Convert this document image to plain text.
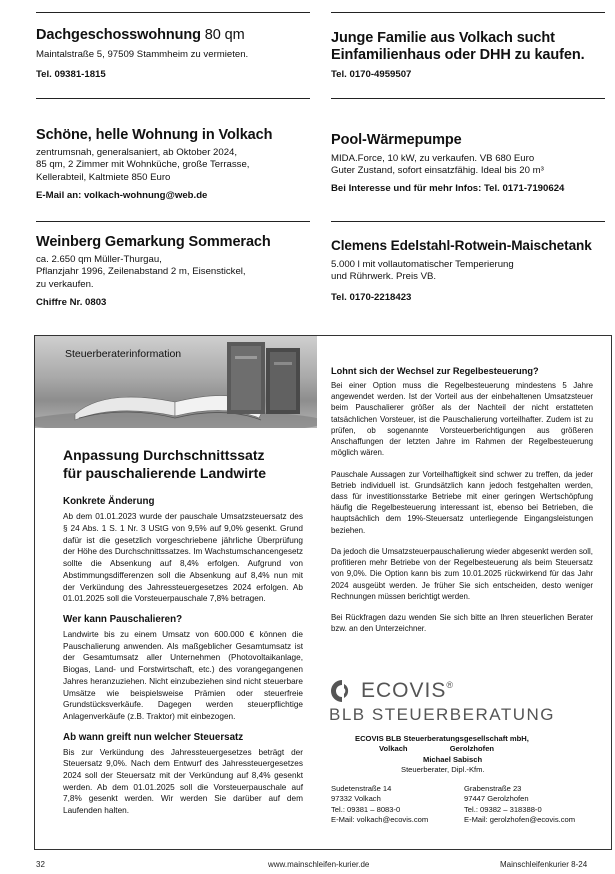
Dachgeschosswohnung 80 qm

Maintalstraße 5, 97509 Stammheim zu vermieten.

Tel. 09381-1815
Junge Familie aus Volkach sucht Einfamilienhaus oder DHH zu kaufen.
Tel. 0170-4959507
Schöne, helle Wohnung in Volkach

zentrumsnah, generalsaniert, ab Oktober 2024,
85 qm, 2 Zimmer mit Wohnküche, große Terrasse,
Kellerabteil, Kaltmiete 850 Euro

E-Mail an: volkach-wohnung@web.de
Pool-Wärmepumpe

MIDA.Force, 10 kW, zu verkaufen. VB 680 Euro
Guter Zustand, sofort einsatzfähig. Ideal bis 20 m³

Bei Interesse und für mehr Infos: Tel. 0171-7190624
Weinberg Gemarkung Sommerach

ca. 2.650 qm Müller-Thurgau,
Pflanzjahr 1996, Zeilenabstand 2 m, Eisenstickel,
zu verkaufen.

Chiffre Nr. 0803
Clemens Edelstahl-Rotwein-Maischetank

5.000 l mit vollautomatischer Temperierung
und Rührwerk. Preis VB.

Tel. 0170-2218423
Steuerberaterinformation
Anpassung Durchschnittssatz
für pauschalierende Landwirte
Konkrete Änderung

Ab dem 01.01.2023 wurde der pauschale Umsatzsteuersatz des § 24 Abs. 1 S. 1 Nr. 3 UStG von 9,5% auf 9,0% gesenkt. Grund dafür ist die gesetzlich vorgeschriebene jährliche Überprüfung der Höhe des Durchschnittssatzes. Im Wachstumschancengesetz sollte die Absenkung auf 8,4% erfolgen. Aufgrund von Abstimmungsdifferenzen soll die Absenkung auf 8,4% nun mit der Verkündung des Jahressteuergesetzes 2024 erfolgen. Ab 01.01.2025 soll die Vorsteuerpauschale 7,8% betragen.

Wer kann Pauschalieren?

Landwirte bis zu einem Umsatz von 600.000 € können die Pauschalierung anwenden. Als maßgeblicher Gesamtumsatz ist der Gesamtumsatz aller Unternehmen (Photovoltaikanlage, Biogas, Land- und Forstwirtschaft, etc.) des vorangegangenen Jahres heranzuziehen. Nicht einzubeziehen sind nicht steuerbare Umsätze wie beispielsweise Prämien oder steuerfreie Grundstücksverkäufe. Dagegen werden steuerpflichtige Anlagenverkäufe (z.B. Traktor) mit einbezogen.

Ab wann greift nun welcher Steuersatz

Bis zur Verkündung des Jahressteuergesetzes beträgt der Steuersatz 9,0%. Nach dem Entwurf des Jahressteuergesetzes 2024 soll der Steuersatz mit der Verkündung auf 8,4% gesenkt werden. Ab dem 01.01.2025 soll die Vorsteuerpauschale auf 7,8% gesenkt werden. Wir werden Sie darüber auf dem Laufenden halten.

Lohnt sich der Wechsel zur Regelbesteuerung?

Bei einer Option muss die Regelbesteuerung mindestens 5 Jahre angewendet werden. Ist der Vorteil aus der einbehaltenen Umsatzsteuer beim Pauschalierer größer als der Nachteil der nicht erstatteten tatsächlichen Vorsteuer, ist die Pauschalierung vorteilhafter. Zudem ist zu prüfen, ob sogenannte Vorsteuerberichtigungen aus größeren Anschaffungen der letzten Jahre im Rahmen der Regelbesteuerung möglich wären.

Pauschale Aussagen zur Vorteilhaftigkeit sind schwer zu treffen, da jeder Betrieb individuell ist. Grundsätzlich kann jedoch festgehalten werden, dass für investitionsstarke Betriebe mit einer geringen Wertschöpfung häufig die Regelbesteuerung interessant ist, ebenso bei Betrieben, die hauptsächlich dem 19%-Steuersatz unterliegende Eingangsleistungen beziehen.

Da jedoch die Umsatzsteuerpauschalierung wieder abgesenkt werden soll, profitieren mehr Betriebe von der Regelbesteuerung als beim Steuersatz von 9,0%. Die Option kann bis zum 10.01.2025 rückwirkend für das Jahr 2024 ausgeübt werden. Je früher Sie sich entscheiden, desto weniger Rechnungen müssen berichtigt werden.

Bei Rückfragen dazu wenden Sie sich bitte an Ihren steuerlichen Berater bzw. an den Unterzeichner.

ECOVIS ®
BLB STEUERBERATUNG
ECOVIS BLB Steuerberatungsgesellschaft mbH,
Volkach                    Gerolzhofen
Michael Sabisch
Steuerberater, Dipl.-Kfm.
Sudetenstraße 14
97332 Volkach
Tel.: 09381 – 8083-0
E-Mail: volkach@ecovis.com
Grabenstraße 23
97447 Gerolzhofen
Tel.: 09382 – 318388-0
E-Mail: gerolzhofen@ecovis.com
32	www.mainschleifen-kurier.de	Mainschleifenkurier 8-24
